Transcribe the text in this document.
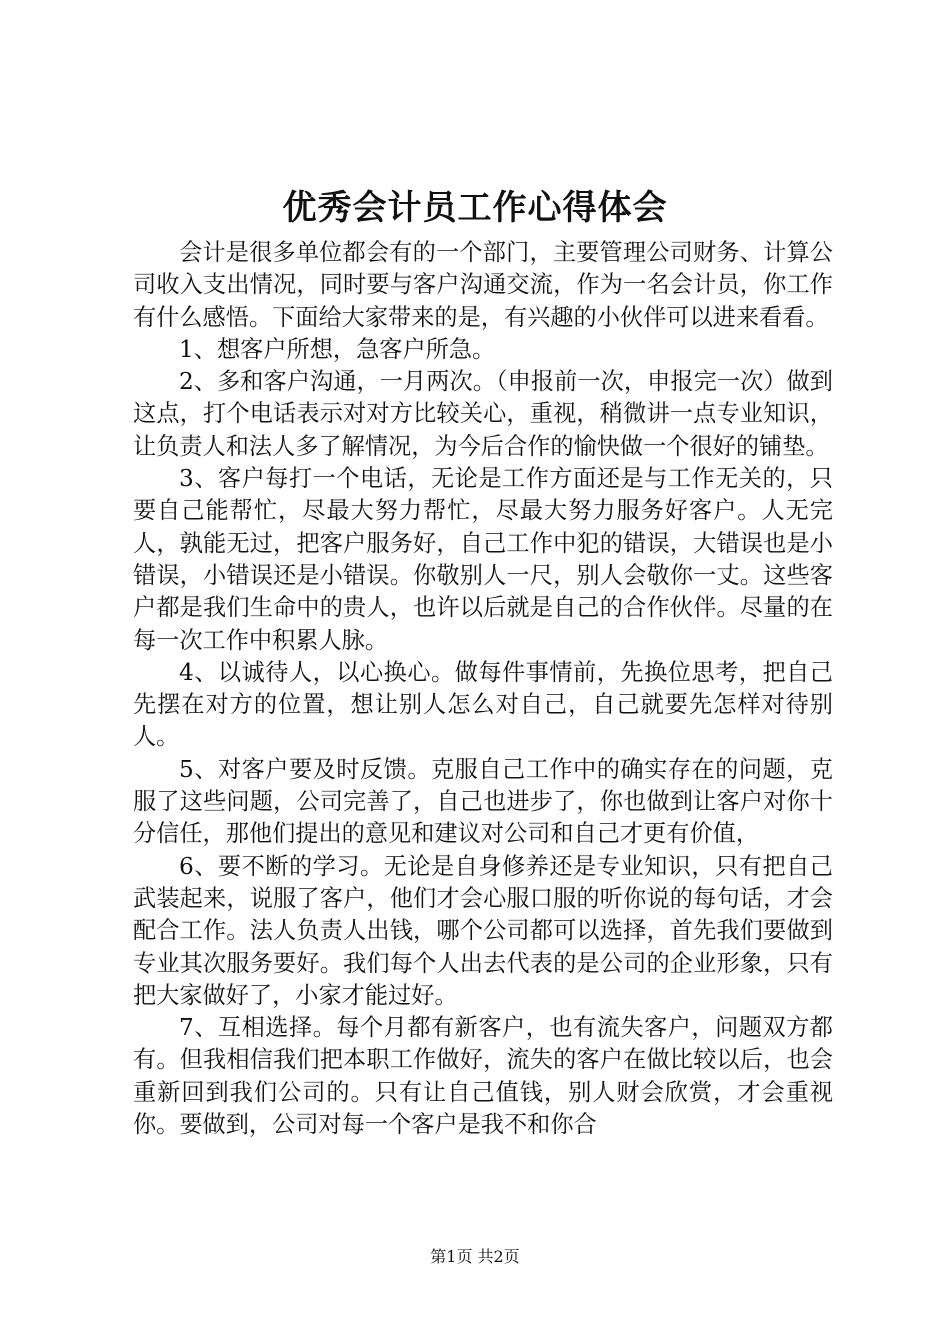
优秀会计员工作心得体会

会计是很多单位都会有的一个部门，主要管理公司财务、计算公司收入支出情况，同时要与客户沟通交流，作为一名会计员，你工作有什么感悟。下面给大家带来的是，有兴趣的小伙伴可以进来看看。

1、想客户所想，急客户所急。

2、多和客户沟通，一月两次。（申报前一次，申报完一次）做到这点，打个电话表示对对方比较关心，重视，稍微讲一点专业知识，让负责人和法人多了解情况，为今后合作的愉快做一个很好的铺垫。

3、客户每打一个电话，无论是工作方面还是与工作无关的，只要自己能帮忙，尽最大努力帮忙，尽最大努力服务好客户。人无完人，孰能无过，把客户服务好，自己工作中犯的错误，大错误也是小错误，小错误还是小错误。你敬别人一尺，别人会敬你一丈。这些客户都是我们生命中的贵人，也许以后就是自己的合作伙伴。尽量的在每一次工作中积累人脉。

4、以诚待人，以心换心。做每件事情前，先换位思考，把自己先摆在对方的位置，想让别人怎么对自己，自己就要先怎样对待别人。

5、对客户要及时反馈。克服自己工作中的确实存在的问题，克服了这些问题，公司完善了，自己也进步了，你也做到让客户对你十分信任，那他们提出的意见和建议对公司和自己才更有价值，

6、要不断的学习。无论是自身修养还是专业知识，只有把自己武装起来，说服了客户，他们才会心服口服的听你说的每句话，才会配合工作。法人负责人出钱，哪个公司都可以选择，首先我们要做到专业其次服务要好。我们每个人出去代表的是公司的企业形象，只有把大家做好了，小家才能过好。

7、互相选择。每个月都有新客户，也有流失客户，问题双方都有。但我相信我们把本职工作做好，流失的客户在做比较以后，也会重新回到我们公司的。只有让自己值钱，别人财会欣赏，才会重视你。要做到，公司对每一个客户是我不和你合

第1页 共2页
